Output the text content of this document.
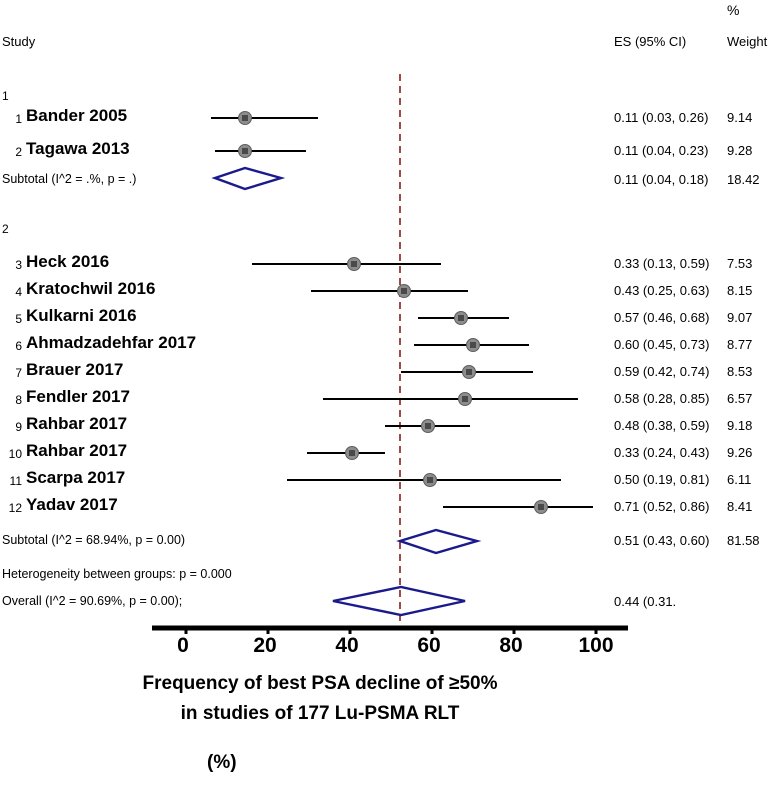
%
Study	ES (95% CI)	Weight
1
2
1 Bander 2005	0.11 (0.03, 0.26) 9.14
2 Tagawa 2013	0.11 (0.04, 0.23) 9.28
Subtotal (I^2 = .%, p = .)	0.11 (0.04, 0.18) 18.42
3 Heck 2016	0.33 (0.13, 0.59) 7.53
4 Kratochwil 2016	0.43 (0.25, 0.63) 8.15
5 Kulkarni 2016	0.57 (0.46, 0.68) 9.07
6 Ahmadzadehfar 2017	0.60 (0.45, 0.73) 8.77
7 Brauer 2017	0.59 (0.42, 0.74) 8.53
8 Fendler 2017	0.58 (0.28, 0.85) 6.57
9 Rahbar 2017	0.48 (0.38, 0.59) 9.18
10 Rahbar 2017	0.33 (0.24, 0.43) 9.26
11 Scarpa 2017	0.50 (0.19, 0.81) 6.11
12 Yadav 2017	0.71 (0.52, 0.86) 8.41
Subtotal (I^2 = 68.94%, p = 0.00)	0.51 (0.43, 0.60) 81.58
Heterogeneity between groups: p = 0.000
Overall (I^2 = 90.69%, p = 0.00);	0.44 (0.31.
0	20	40	60	80	100
Frequency of best PSA decline of ≥50%
in studies of 177 Lu-PSMA RLT
(%)
